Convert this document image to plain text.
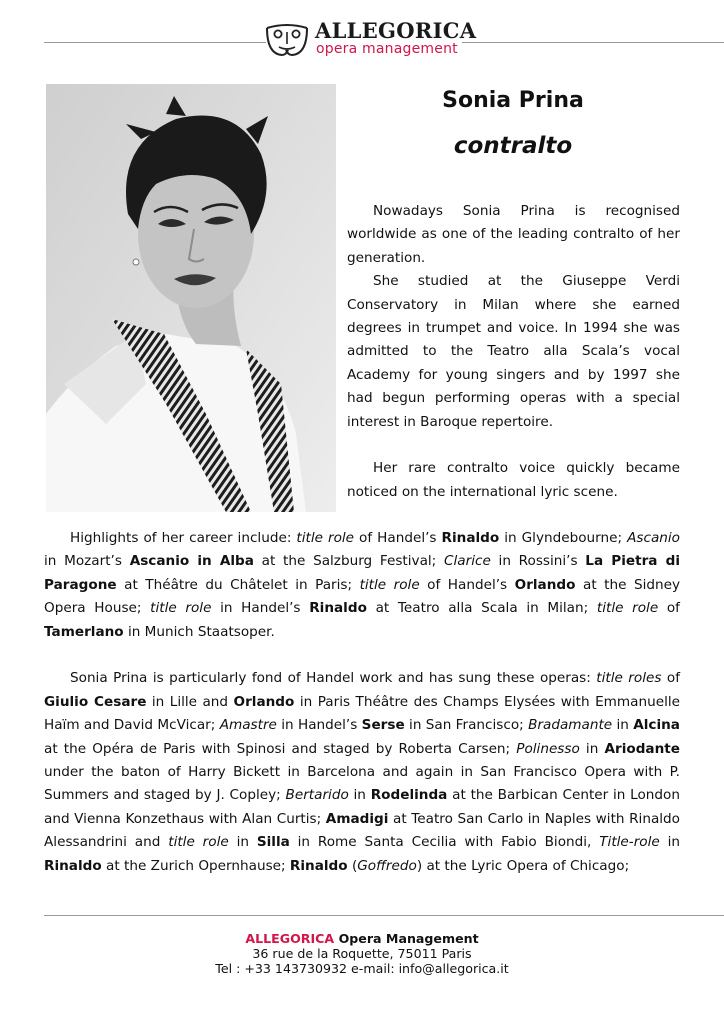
ALLEGORICA
opera management
Sonia Prina
contralto

Nowadays Sonia Prina is recognised worldwide as one of the leading contralto of her generation.

She studied at the Giuseppe Verdi Conservatory in Milan where she earned degrees in trumpet and voice. In 1994 she was admitted to the Teatro alla Scala’s vocal Academy for young singers and by 1997 she had begun performing operas with a special interest in Baroque repertoire.

Her rare contralto voice quickly became noticed on the international lyric scene.

Highlights of her career include: title role of Handel’s Rinaldo in Glyndebourne; Ascanio in Mozart’s Ascanio in Alba at the Salzburg Festival; Clarice in Rossini’s La Pietra di Paragone at Théâtre du Châtelet in Paris; title role of Handel’s Orlando at the Sidney Opera House; title role in Handel’s Rinaldo at Teatro alla Scala in Milan; title role of Tamerlano in Munich Staatsoper.

Sonia Prina is particularly fond of Handel work and has sung these operas: title roles of Giulio Cesare in Lille and Orlando in Paris Théâtre des Champs Elysées with Emmanuelle Haïm and David McVicar; Amastre in Handel’s Serse in San Francisco; Bradamante in Alcina at the Opéra de Paris with Spinosi and staged by Roberta Carsen; Polinesso in Ariodante under the baton of Harry Bickett in Barcelona and again in San Francisco Opera with P. Summers and staged by J. Copley; Bertarido in Rodelinda at the Barbican Center in London and Vienna Konzethaus with Alan Curtis; Amadigi at Teatro San Carlo in Naples with Rinaldo Alessandrini and title role in Silla in Rome Santa Cecilia with Fabio Biondi, Title-role in Rinaldo at the Zurich Opernhause; Rinaldo (Goffredo) at the Lyric Opera of Chicago;

ALLEGORICA Opera Management
36 rue de la Roquette, 75011 Paris
Tel : +33 143730932 e-mail: info@allegorica.it
